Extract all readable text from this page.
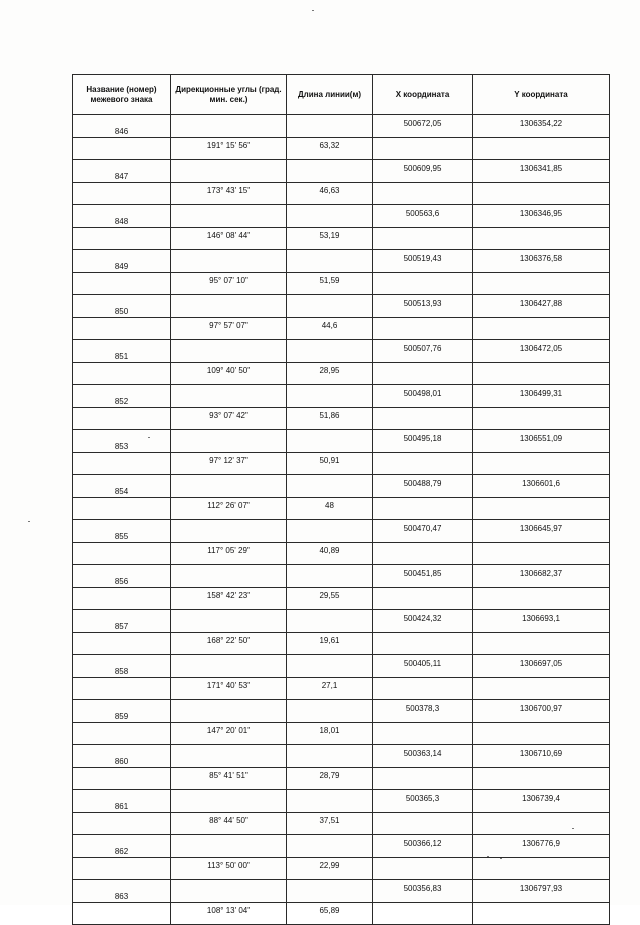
Название (номер) межевого знака	Дирекционные углы (град. мин. сек.)	Длина линии(м)	X координата	Y координата
846			500672,05	1306354,22
	191° 15' 56"	63,32		
847			500609,95	1306341,85
	173° 43' 15"	46,63		
848			500563,6	1306346,95
	146° 08' 44"	53,19		
849			500519,43	1306376,58
	95° 07' 10"	51,59		
850			500513,93	1306427,88
	97° 57' 07"	44,6		
851			500507,76	1306472,05
	109° 40' 50"	28,95		
852			500498,01	1306499,31
	93° 07' 42"	51,86		
853			500495,18	1306551,09
	97° 12' 37"	50,91		
854			500488,79	1306601,6
	112° 26' 07"	48		
855			500470,47	1306645,97
	117° 05' 29"	40,89		
856			500451,85	1306682,37
	158° 42' 23"	29,55		
857			500424,32	1306693,1
	168° 22' 50"	19,61		
858			500405,11	1306697,05
	171° 40' 53"	27,1		
859			500378,3	1306700,97
	147° 20' 01"	18,01		
860			500363,14	1306710,69
	85° 41' 51"	28,79		
861			500365,3	1306739,4
	88° 44' 50"	37,51		
862			500366,12	1306776,9
	113° 50' 00"	22,99		
863			500356,83	1306797,93
	108° 13' 04"	65,89		
